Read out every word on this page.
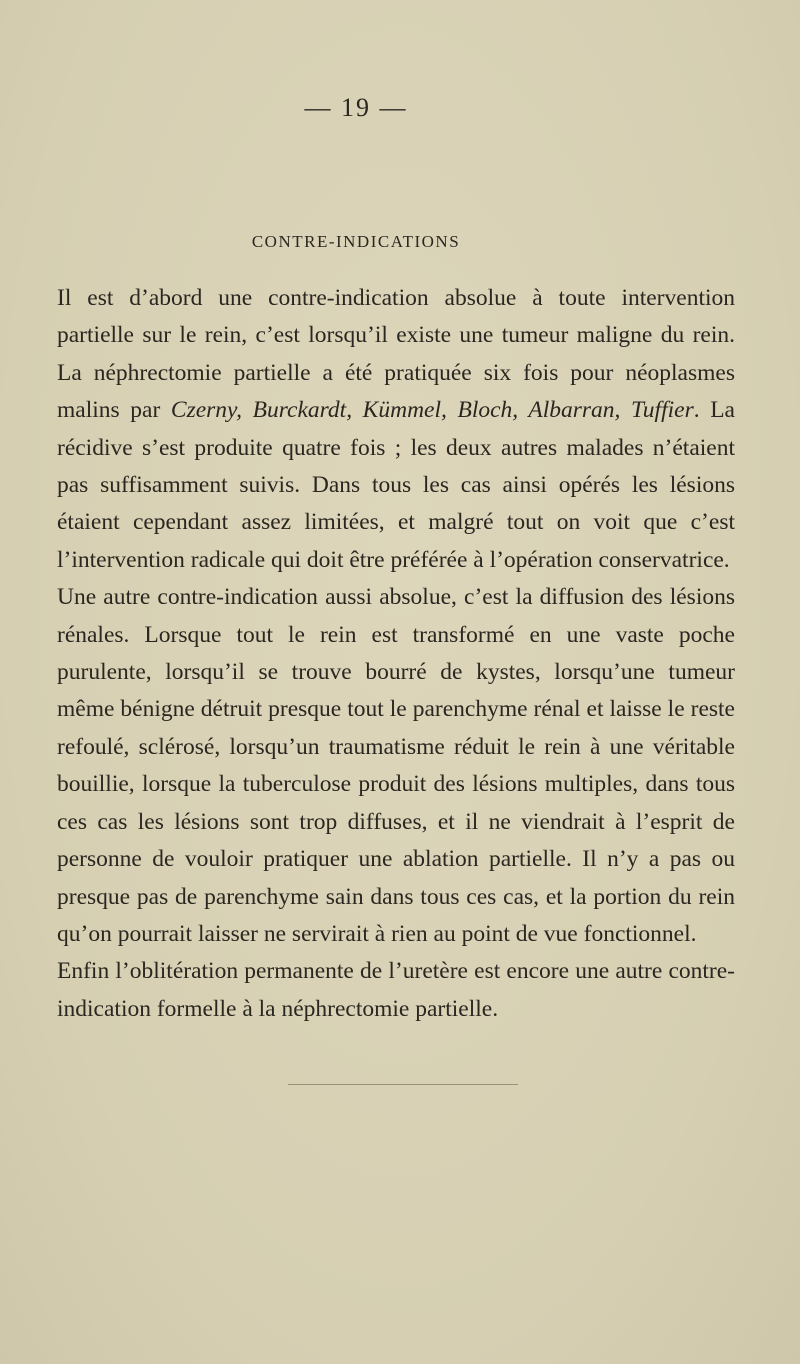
— 19 —
CONTRE-INDICATIONS

Il est d’abord une contre-indication absolue à toute intervention partielle sur le rein, c’est lorsqu’il existe une tumeur maligne du rein. La néphrectomie partielle a été pratiquée six fois pour néoplasmes malins par Czerny, Burckardt, Kümmel, Bloch, Albarran, Tuffier. La récidive s’est produite quatre fois ; les deux autres malades n’étaient pas suffisamment suivis. Dans tous les cas ainsi opérés les lésions étaient cependant assez limitées, et malgré tout on voit que c’est l’intervention radicale qui doit être préférée à l’opération conservatrice.

Une autre contre-indication aussi absolue, c’est la diffusion des lésions rénales. Lorsque tout le rein est transformé en une vaste poche purulente, lorsqu’il se trouve bourré de kystes, lorsqu’une tumeur même bénigne détruit presque tout le parenchyme rénal et laisse le reste refoulé, sclérosé, lorsqu’un traumatisme réduit le rein à une véritable bouillie, lorsque la tuberculose produit des lésions multiples, dans tous ces cas les lésions sont trop diffuses, et il ne viendrait à l’esprit de personne de vouloir pratiquer une ablation partielle. Il n’y a pas ou presque pas de parenchyme sain dans tous ces cas, et la portion du rein qu’on pourrait laisser ne servirait à rien au point de vue fonctionnel.

Enfin l’oblitération permanente de l’uretère est encore une autre contre-indication formelle à la néphrectomie partielle.
